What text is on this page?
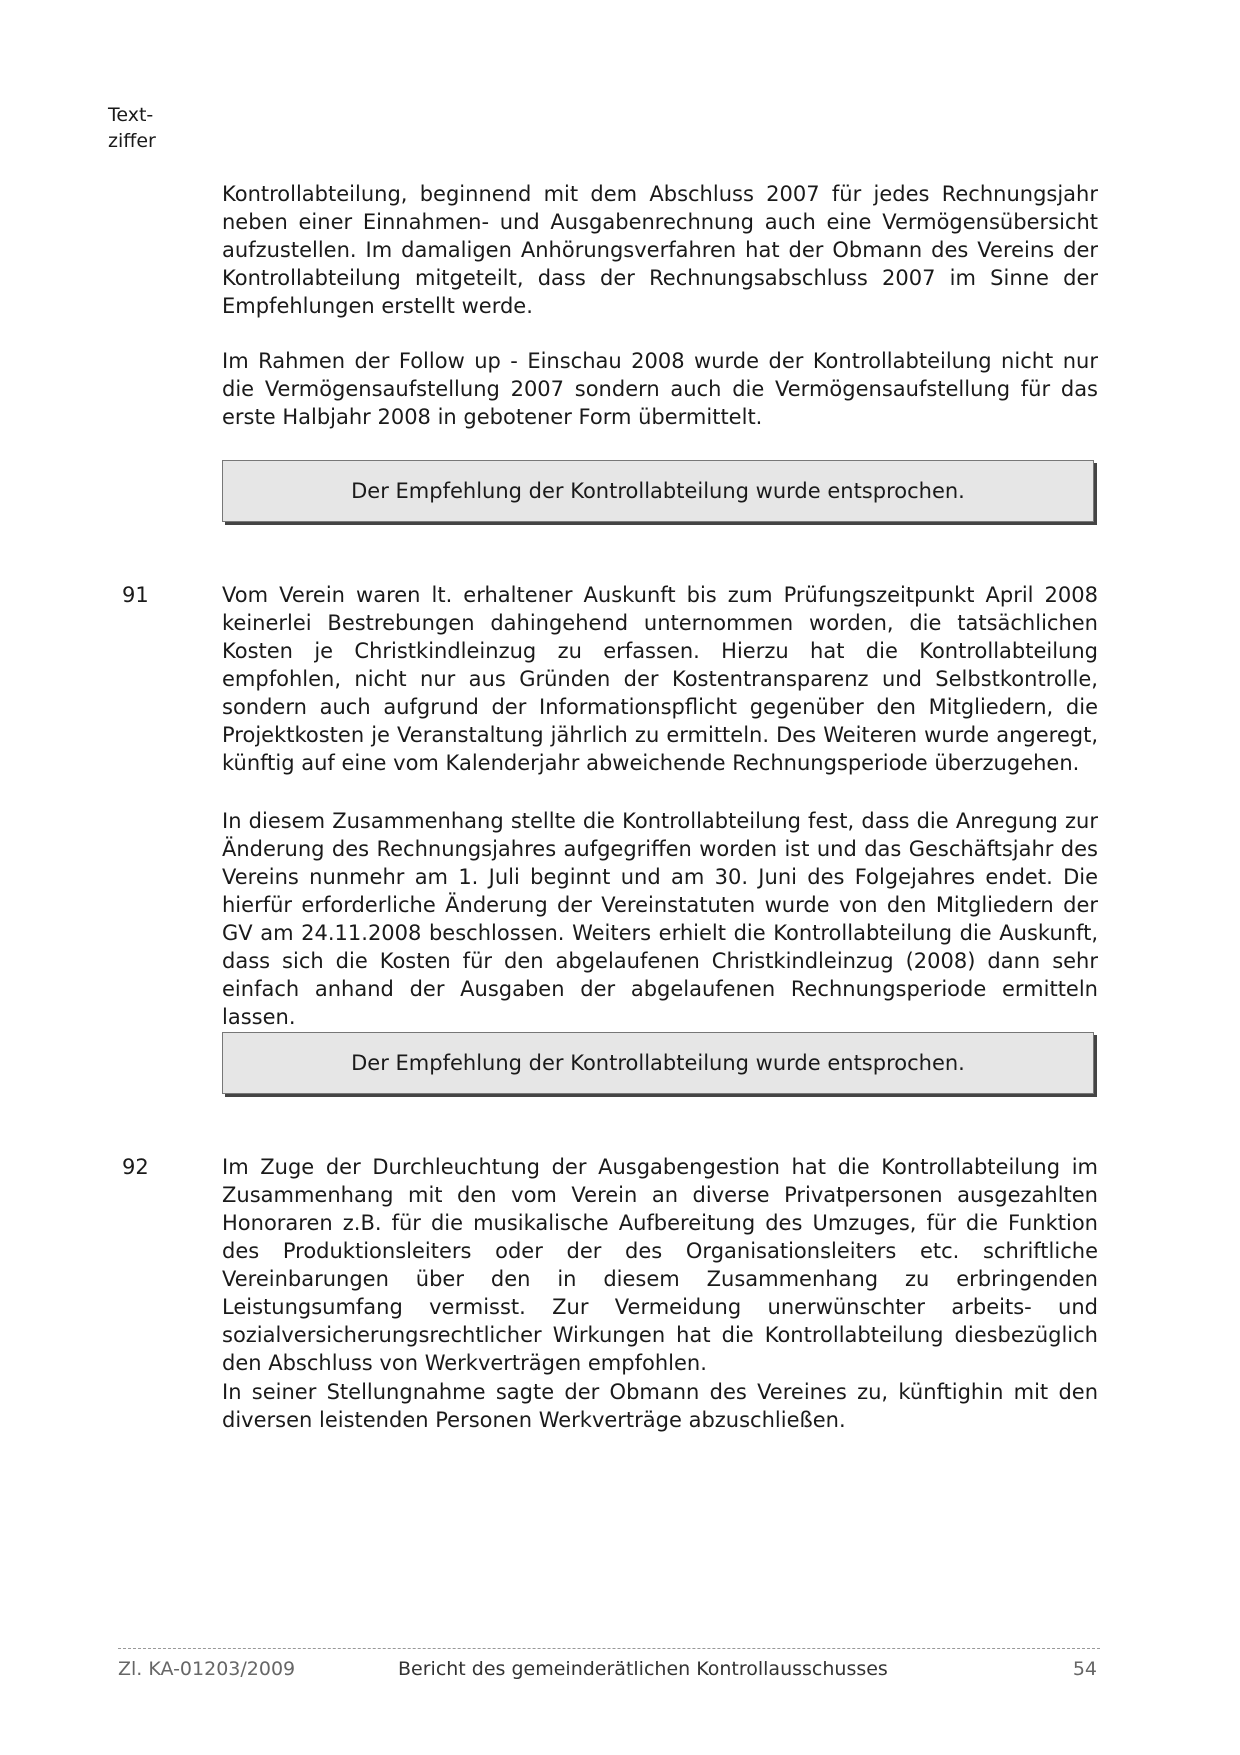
Text-
ziffer
Kontrollabteilung, beginnend mit dem Abschluss 2007 für jedes Rechnungsjahr neben einer Einnahmen- und Ausgabenrechnung auch eine Vermögensübersicht aufzustellen. Im damaligen Anhörungsverfahren hat der Obmann des Vereins der Kontrollabteilung mitgeteilt, dass der Rechnungsabschluss 2007 im Sinne der Empfehlungen erstellt werde.
Im Rahmen der Follow up - Einschau 2008 wurde der Kontrollabteilung nicht nur die Vermögensaufstellung 2007 sondern auch die Vermögensaufstellung für das erste Halbjahr 2008 in gebotener Form übermittelt.
Der Empfehlung der Kontrollabteilung wurde entsprochen.
91	Vom Verein waren lt. erhaltener Auskunft bis zum Prüfungszeitpunkt April 2008 keinerlei Bestrebungen dahingehend unternommen worden, die tatsächlichen Kosten je Christkindleinzug zu erfassen. Hierzu hat die Kontrollabteilung empfohlen, nicht nur aus Gründen der Kostentransparenz und Selbstkontrolle, sondern auch aufgrund der Informationspflicht gegenüber den Mitgliedern, die Projektkosten je Veranstaltung jährlich zu ermitteln. Des Weiteren wurde angeregt, künftig auf eine vom Kalenderjahr abweichende Rechnungsperiode überzugehen.
In diesem Zusammenhang stellte die Kontrollabteilung fest, dass die Anregung zur Änderung des Rechnungsjahres aufgegriffen worden ist und das Geschäftsjahr des Vereins nunmehr am 1. Juli beginnt und am 30. Juni des Folgejahres endet. Die hierfür erforderliche Änderung der Vereinstatuten wurde von den Mitgliedern der GV am 24.11.2008 beschlossen. Weiters erhielt die Kontrollabteilung die Auskunft, dass sich die Kosten für den abgelaufenen Christkindleinzug (2008) dann sehr einfach anhand der Ausgaben der abgelaufenen Rechnungsperiode ermitteln lassen.
Der Empfehlung der Kontrollabteilung wurde entsprochen.
92	Im Zuge der Durchleuchtung der Ausgabengestion hat die Kontrollabteilung im Zusammenhang mit den vom Verein an diverse Privatpersonen ausgezahlten Honoraren z.B. für die musikalische Aufbereitung des Umzuges, für die Funktion des Produktionsleiters oder der des Organisationsleiters etc. schriftliche Vereinbarungen über den in diesem Zusammenhang zu erbringenden Leistungsumfang vermisst. Zur Vermeidung unerwünschter arbeits- und sozialversicherungsrechtlicher Wirkungen hat die Kontrollabteilung diesbezüglich den Abschluss von Werkverträgen empfohlen.
In seiner Stellungnahme sagte der Obmann des Vereines zu, künftighin mit den diversen leistenden Personen Werkverträge abzuschließen.
Zl. KA-01203/2009	Bericht des gemeinderätlichen Kontrollausschusses	54
